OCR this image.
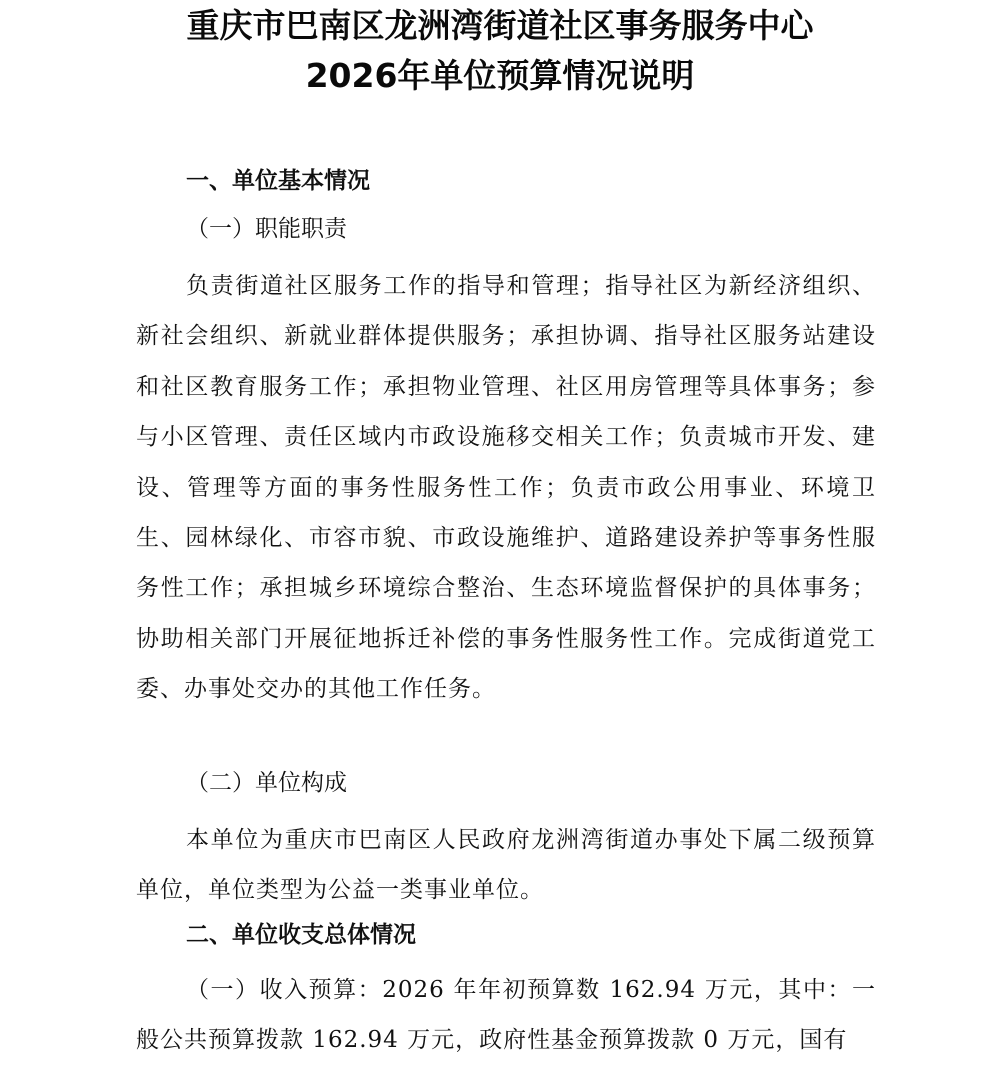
重庆市巴南区龙洲湾街道社区事务服务中心
2026年单位预算情况说明
一、单位基本情况
（一）职能职责
负责街道社区服务工作的指导和管理；指导社区为新经济组织、新社会组织、新就业群体提供服务；承担协调、指导社区服务站建设和社区教育服务工作；承担物业管理、社区用房管理等具体事务；参与小区管理、责任区域内市政设施移交相关工作；负责城市开发、建设、管理等方面的事务性服务性工作；负责市政公用事业、环境卫生、园林绿化、市容市貌、市政设施维护、道路建设养护等事务性服务性工作；承担城乡环境综合整治、生态环境监督保护的具体事务；协助相关部门开展征地拆迁补偿的事务性服务性工作。完成街道党工委、办事处交办的其他工作任务。
（二）单位构成
本单位为重庆市巴南区人民政府龙洲湾街道办事处下属二级预算单位，单位类型为公益一类事业单位。
二、单位收支总体情况
（一）收入预算：2026 年年初预算数 162.94 万元，其中：一般公共预算拨款 162.94 万元，政府性基金预算拨款 0 万元，国有
